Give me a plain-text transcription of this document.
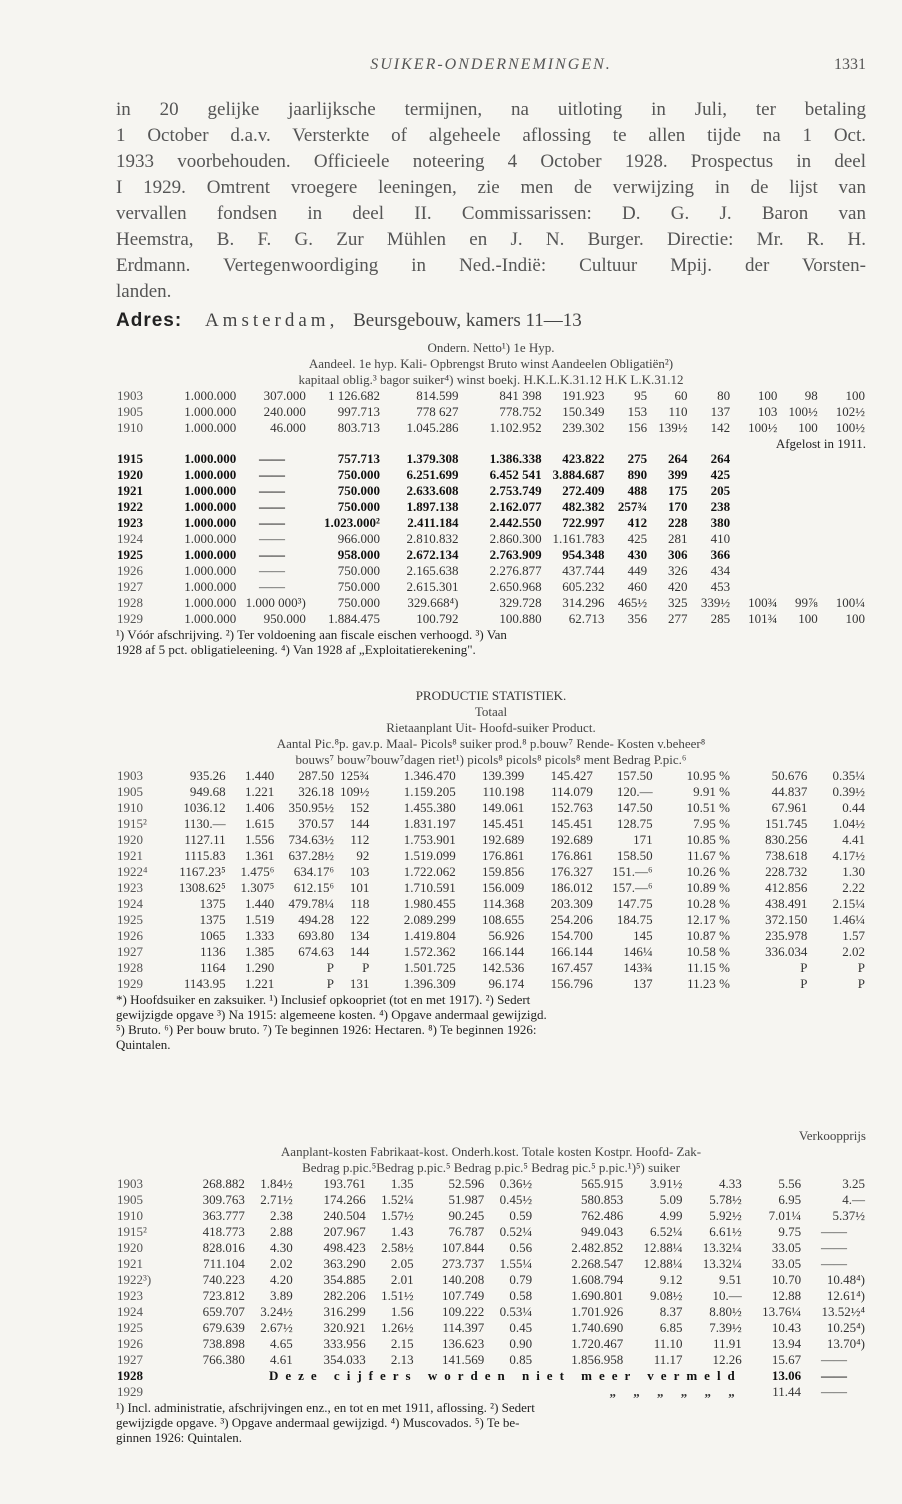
SUIKER-ONDERNEMINGEN.	1331

in 20 gelijke jaarlijksche termijnen, na uitloting in Juli, ter betaling

1 October d.a.v. Versterkte of algeheele aflossing te allen tijde na 1 Oct.

1933 voorbehouden. Officieele noteering 4 October 1928. Prospectus in deel

I 1929. Omtrent vroegere leeningen, zie men de verwijzing in de lijst van

vervallen fondsen in deel II. Commissarissen: D. G. J. Baron van

Heemstra, B. F. G. Zur Mühlen en J. N. Burger. Directie: Mr. R. H.

Erdmann. Vertegenwoordiging in Ned.-Indië: Cultuur Mpij. der Vorsten-

landen.

Adres: Amsterdam, Beursgebouw, kamers 11—13
Ondern. Netto¹) 1e Hyp.
Aandeel. 1e hyp. Kali- Opbrengst Bruto winst Aandeelen Obligatiën²)
kapitaal oblig.³ bagor suiker⁴) winst boekj. H.K.L.K.31.12 H.K L.K.31.12
1903	1.000.000	307.000	1 126.682	814.599	841 398	191.923	95	60	80	100	98	100
1905	1.000.000	240.000	997.713	778 627	778.752	150.349	153	110	137	103	100½	102½
1910	1.000.000	46.000	803.713	1.045.286	1.102.952	239.302	156	139½	142	100½	100	100½
Afgelost in 1911.
1915	1.000.000	——	757.713	1.379.308	1.386.338	423.822	275	264	264			
1920	1.000.000	——	750.000	6.251.699	6.452 541	3.884.687	890	399	425			
1921	1.000.000	——	750.000	2.633.608	2.753.749	272.409	488	175	205			
1922	1.000.000	——	750.000	1.897.138	2.162.077	482.382	257¾	170	238			
1923	1.000.000	——	1.023.000²	2.411.184	2.442.550	722.997	412	228	380			
1924	1.000.000	——	966.000	2.810.832	2.860.300	1.161.783	425	281	410			
1925	1.000.000	——	958.000	2.672.134	2.763.909	954.348	430	306	366			
1926	1.000.000	——	750.000	2.165.638	2.276.877	437.744	449	326	434			
1927	1.000.000	——	750.000	2.615.301	2.650.968	605.232	460	420	453			
1928	1.000.000	1.000 000³)	750.000	329.668⁴)	329.728	314.296	465½	325	339½	100¾	99⅞	100¼
1929	1.000.000	950.000	1.884.475	100.792	100.880	62.713	356	277	285	101¾	100	100
¹) Vóór afschrijving. ²) Ter voldoening aan fiscale eischen verhoogd. ³) Van
1928 af 5 pct. obligatieleening. ⁴) Van 1928 af „Exploitatierekening".
PRODUCTIE STATISTIEK.
Totaal
Rietaanplant Uit- Hoofd-suiker Product.
Aantal Pic.⁸p. gav.p. Maal- Picols⁸ suiker prod.⁸ p.bouw⁷ Rende- Kosten v.beheer⁸
bouws⁷ bouw⁷bouw⁷dagen riet¹) picols⁸ picols⁸ picols⁸ ment Bedrag P.pic.⁶
1903	935.26	1.440	287.50	125¾	1.346.470	139.399	145.427	157.50	10.95 %	50.676	0.35¼
1905	949.68	1.221	326.18	109½	1.159.205	110.198	114.079	120.—	9.91 %	44.837	0.39½
1910	1036.12	1.406	350.95½	152	1.455.380	149.061	152.763	147.50	10.51 %	67.961	0.44
1915²	1130.—	1.615	370.57	144	1.831.197	145.451	145.451	128.75	7.95 %	151.745	1.04½
1920	1127.11	1.556	734.63½	112	1.753.901	192.689	192.689	171	10.85 %	830.256	4.41
1921	1115.83	1.361	637.28½	92	1.519.099	176.861	176.861	158.50	11.67 %	738.618	4.17½
1922⁴	1167.23⁵	1.475⁶	634.17⁶	103	1.722.062	159.856	176.327	151.—⁶	10.26 %	228.732	1.30
1923	1308.62⁵	1.307⁵	612.15⁶	101	1.710.591	156.009	186.012	157.—⁶	10.89 %	412.856	2.22
1924	1375	1.440	479.78¼	118	1.980.455	114.368	203.309	147.75	10.28 %	438.491	2.15¼
1925	1375	1.519	494.28	122	2.089.299	108.655	254.206	184.75	12.17 %	372.150	1.46¼
1926	1065	1.333	693.80	134	1.419.804	56.926	154.700	145	10.87 %	235.978	1.57
1927	1136	1.385	674.63	144	1.572.362	166.144	166.144	146¼	10.58 %	336.034	2.02
1928	1164	1.290	P	P	1.501.725	142.536	167.457	143¾	11.15 %	P	P
1929	1143.95	1.221	P	131	1.396.309	96.174	156.796	137	11.23 %	P	P
*) Hoofdsuiker en zaksuiker. ¹) Inclusief opkoopriet (tot en met 1917). ²) Sedert
gewijzigde opgave ³) Na 1915: algemeene kosten. ⁴) Opgave andermaal gewijzigd.
⁵) Bruto. ⁶) Per bouw bruto. ⁷) Te beginnen 1926: Hectaren. ⁸) Te beginnen 1926:
Quintalen.
Verkoopprijs
Aanplant-kosten Fabrikaat-kost. Onderh.kost. Totale kosten Kostpr. Hoofd- Zak-
Bedrag p.pic.⁵Bedrag p.pic.⁵ Bedrag p.pic.⁵ Bedrag pic.⁵ p.pic.¹)⁵) suiker
1903	268.882	1.84½	193.761	1.35	52.596	0.36½	565.915	3.91½	4.33	5.56	3.25
1905	309.763	2.71½	174.266	1.52¼	51.987	0.45½	580.853	5.09	5.78½	6.95	4.—
1910	363.777	2.38	240.504	1.57½	90.245	0.59	762.486	4.99	5.92½	7.01¼	5.37½
1915²	418.773	2.88	207.967	1.43	76.787	0.52¼	949.043	6.52¼	6.61½	9.75	——
1920	828.016	4.30	498.423	2.58½	107.844	0.56	2.482.852	12.88¼	13.32¼	33.05	——
1921	711.104	2.02	363.290	2.05	273.737	1.55¼	2.268.547	12.88¼	13.32¼	33.05	——
1922³)	740.223	4.20	354.885	2.01	140.208	0.79	1.608.794	9.12	9.51	10.70	10.48⁴)
1923	723.812	3.89	282.206	1.51½	107.749	0.58	1.690.801	9.08½	10.—	12.88	12.61⁴)
1924	659.707	3.24½	316.299	1.56	109.222	0.53¼	1.701.926	8.37	8.80½	13.76¼	13.52½⁴
1925	679.639	2.67½	320.921	1.26½	114.397	0.45	1.740.690	6.85	7.39½	10.43	10.25⁴)
1926	738.898	4.65	333.956	2.15	136.623	0.90	1.720.467	11.10	11.91	13.94	13.70⁴)
1927	766.380	4.61	354.033	2.13	141.569	0.85	1.856.958	11.17	12.26	15.67	——
1928	Deze cijfers worden niet meer vermeld									13.06	——
1929	„ „ „ „ „ „									11.44	——
¹) Incl. administratie, afschrijvingen enz., en tot en met 1911, aflossing. ²) Sedert
gewijzigde opgave. ³) Opgave andermaal gewijzigd. ⁴) Muscovados. ⁵) Te be-
ginnen 1926: Quintalen.
